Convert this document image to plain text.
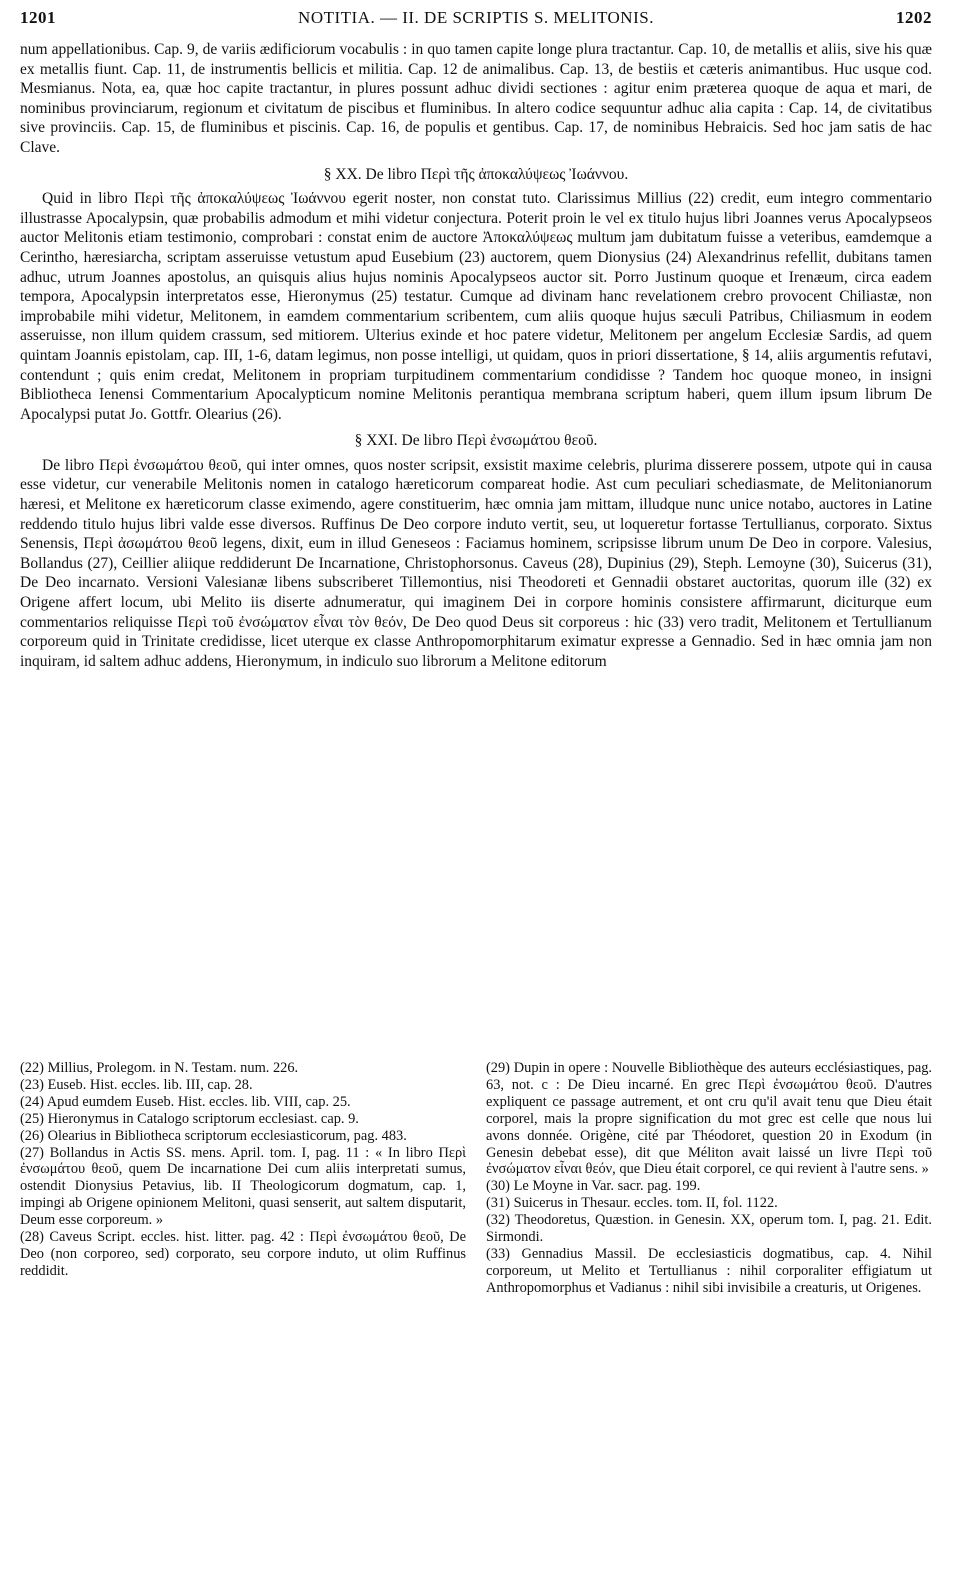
1201	NOTITIA. — II. DE SCRIPTIS S. MELITONIS.	1202

num appellationibus. Cap. 9, de variis ædificiorum vocabulis : in quo tamen capite longe plura tractantur. Cap. 10, de metallis et aliis, sive his quæ ex metallis fiunt. Cap. 11, de instrumentis bellicis et militia. Cap. 12 de animalibus. Cap. 13, de bestiis et cæteris animantibus. Huc usque cod. Mesmianus. Nota, ea, quæ hoc capite tractantur, in plures possunt adhuc dividi sectiones : agitur enim præterea quoque de aqua et mari, de nominibus provinciarum, regionum et civitatum de piscibus et fluminibus. In altero codice sequuntur adhuc alia capita : Cap. 14, de civitatibus sive provinciis. Cap. 15, de fluminibus et piscinis. Cap. 16, de populis et gentibus. Cap. 17, de nominibus Hebraicis. Sed hoc jam satis de hac Clave.

§ XX. De libro Περὶ τῆς ἀποκαλύψεως Ἰωάννου.

Quid in libro Περὶ τῆς ἀποκαλύψεως Ἰωάννου egerit noster, non constat tuto. Clarissimus Millius (22) credit, eum integro commentario illustrasse Apocalypsin, quæ probabilis admodum et mihi videtur conjectura. Poterit proin le vel ex titulo hujus libri Joannes verus Apocalypseos auctor Melitonis etiam testimonio, comprobari : constat enim de auctore Ἀποκαλύψεως multum jam dubitatum fuisse a veteribus, eamdemque a Cerintho, hæresiarcha, scriptam asseruisse vetustum apud Eusebium (23) auctorem, quem Dionysius (24) Alexandrinus refellit, dubitans tamen adhuc, utrum Joannes apostolus, an quisquis alius hujus nominis Apocalypseos auctor sit. Porro Justinum quoque et Irenæum, circa eadem tempora, Apocalypsin interpretatos esse, Hieronymus (25) testatur. Cumque ad divinam hanc revelationem crebro provocent Chiliastæ, non improbabile mihi videtur, Melitonem, in eamdem commentarium scribentem, cum aliis quoque hujus sæculi Patribus, Chiliasmum in eodem asseruisse, non illum quidem crassum, sed mitiorem. Ulterius exinde et hoc patere videtur, Melitonem per angelum Ecclesiæ Sardis, ad quem quintam Joannis epistolam, cap. III, 1-6, datam legimus, non posse intelligi, ut quidam, quos in priori dissertatione, § 14, aliis argumentis refutavi, contendunt ; quis enim credat, Melitonem in propriam turpitudinem commentarium condidisse ? Tandem hoc quoque moneo, in insigni Bibliotheca Ienensi Commentarium Apocalypticum nomine Melitonis perantiqua membrana scriptum haberi, quem illum ipsum librum De Apocalypsi putat Jo. Gottfr. Olearius (26).

§ XXI. De libro Περὶ ἐνσωμάτου θεοῦ.

De libro Περὶ ἐνσωμάτου θεοῦ, qui inter omnes, quos noster scripsit, exsistit maxime celebris, plurima disserere possem, utpote qui in causa esse videtur, cur venerabile Melitonis nomen in catalogo hæreticorum compareat hodie. Ast cum peculiari schediasmate, de Melitonianorum hæresi, et Melitone ex hæreticorum classe eximendo, agere constituerim, hæc omnia jam mittam, illudque nunc unice notabo, auctores in Latine reddendo titulo hujus libri valde esse diversos. Ruffinus De Deo corpore induto vertit, seu, ut loqueretur fortasse Tertullianus, corporato. Sixtus Senensis, Περὶ ἀσωμάτου θεοῦ legens, dixit, eum in illud Geneseos : Faciamus hominem, scripsisse librum unum De Deo in corpore. Valesius, Bollandus (27), Ceillier aliique reddiderunt De Incarnatione, Christophorsonus. Caveus (28), Dupinius (29), Steph. Lemoyne (30), Suicerus (31), De Deo incarnato. Versioni Valesianæ libens subscriberet Tillemontius, nisi Theodoreti et Gennadii obstaret auctoritas, quorum ille (32) ex Origene affert locum, ubi Melito iis diserte adnumeratur, qui imaginem Dei in corpore hominis consistere affirmarunt, diciturque eum commentarios reliquisse Περὶ τοῦ ἐνσώματον εἶναι τὸν θεόν, De Deo quod Deus sit corporeus : hic (33) vero tradit, Melitonem et Tertullianum corporeum quid in Trinitate credidisse, licet uterque ex classe Anthropomorphitarum eximatur expresse a Gennadio. Sed in hæc omnia jam non inquiram, id saltem adhuc addens, Hieronymum, in indiculo suo librorum a Melitone editorum

(22) Millius, Prolegom. in N. Testam. num. 226.
(23) Euseb. Hist. eccles. lib. III, cap. 28.
(24) Apud eumdem Euseb. Hist. eccles. lib. VIII, cap. 25.
(25) Hieronymus in Catalogo scriptorum ecclesiast. cap. 9.
(26) Olearius in Bibliotheca scriptorum ecclesiasticorum, pag. 483.
(27) Bollandus in Actis SS. mens. April. tom. I, pag. 11 : « In libro Περὶ ἐνσωμάτου θεοῦ, quem De incarnatione Dei cum aliis interpretati sumus, ostendit Dionysius Petavius, lib. II Theologicorum dogmatum, cap. 1, impingi ab Origene opinionem Melitoni, quasi senserit, aut saltem disputarit, Deum esse corporeum. »
(28) Caveus Script. eccles. hist. litter. pag. 42 : Περὶ ἐνσωμάτου θεοῦ, De Deo (non corporeo, sed) corporato, seu corpore induto, ut olim Ruffinus reddidit.
(29) Dupin in opere : Nouvelle Bibliothèque des auteurs ecclésiastiques, pag. 63, not. c : De Dieu incarné. En grec Περὶ ἐνσωμάτου θεοῦ. D'autres expliquent ce passage autrement, et ont cru qu'il avait tenu que Dieu était corporel, mais la propre signification du mot grec est celle que nous lui avons donnée. Origène, cité par Théodoret, question 20 in Exodum (in Genesin debebat esse), dit que Méliton avait laissé un livre Περὶ τοῦ ἐνσώματον εἶναι θεόν, que Dieu était corporel, ce qui revient à l'autre sens. »
(30) Le Moyne in Var. sacr. pag. 199.
(31) Suicerus in Thesaur. eccles. tom. II, fol. 1122.
(32) Theodoretus, Quæstion. in Genesin. XX, operum tom. I, pag. 21. Edit. Sirmondi.
(33) Gennadius Massil. De ecclesiasticis dogmatibus, cap. 4. Nihil corporeum, ut Melito et Tertullianus : nihil corporaliter effigiatum ut Anthropomorphus et Vadianus : nihil sibi invisibile a creaturis, ut Origenes.
